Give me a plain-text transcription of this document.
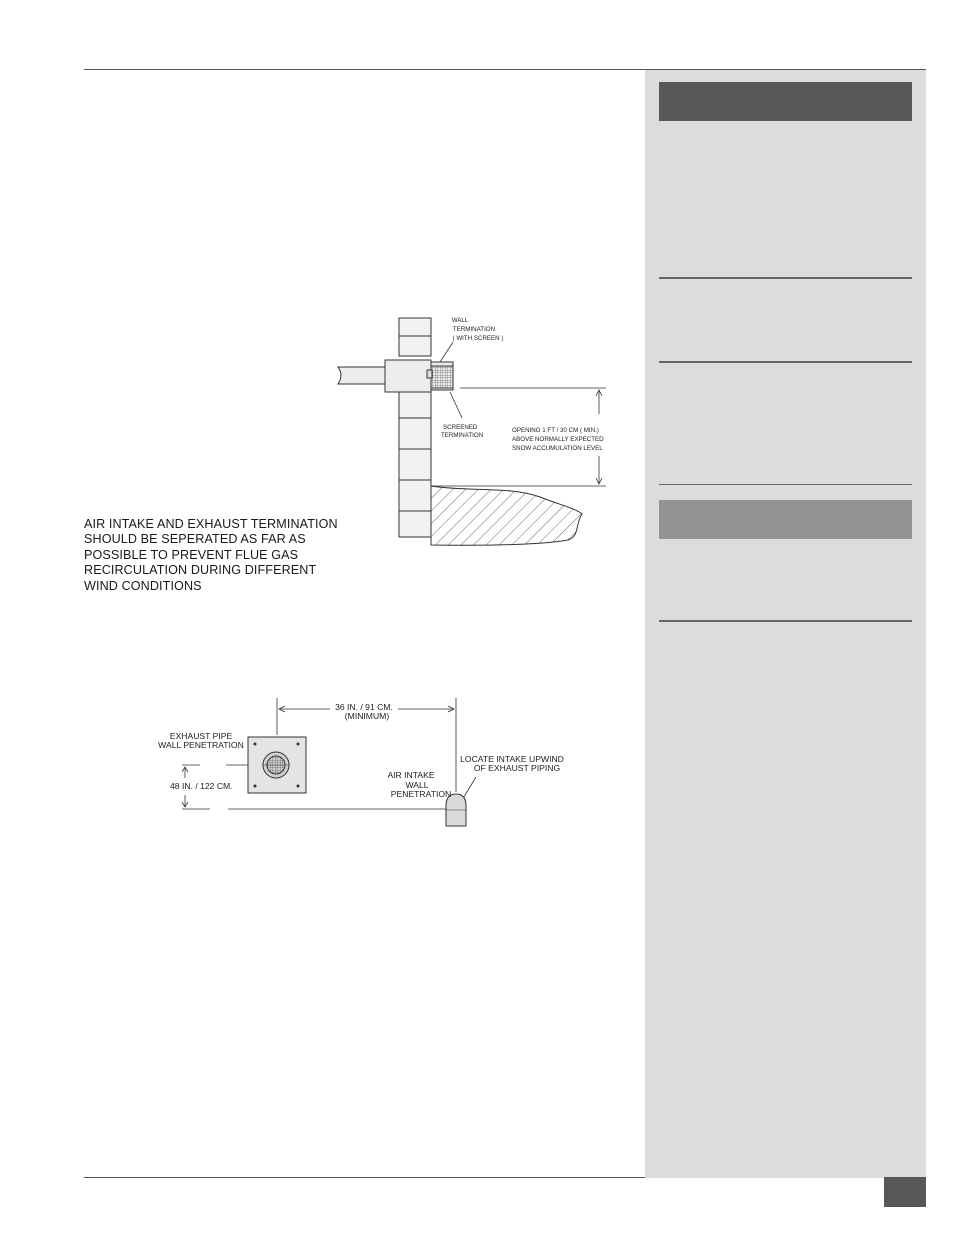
AIR INTAKE AND EXHAUST TERMINATION
SHOULD BE SEPERATED AS FAR AS
POSSIBLE TO PREVENT FLUE GAS
RECIRCULATION DURING DIFFERENT
WIND CONDITIONS
WALL
TERMINATION
( WITH SCREEN )
SCREENED
TERMINATION
OPENING 1 FT / 30 CM ( MIN.)
ABOVE NORMALLY EXPECTED
SNOW ACCUMULATION LEVEL
36 IN. / 91 CM.
(MINIMUM)
EXHAUST PIPE
WALL PENETRATION
48 IN. / 122 CM.
AIR INTAKE
WALL
PENETRATION
LOCATE INTAKE UPWIND
OF EXHAUST PIPING
